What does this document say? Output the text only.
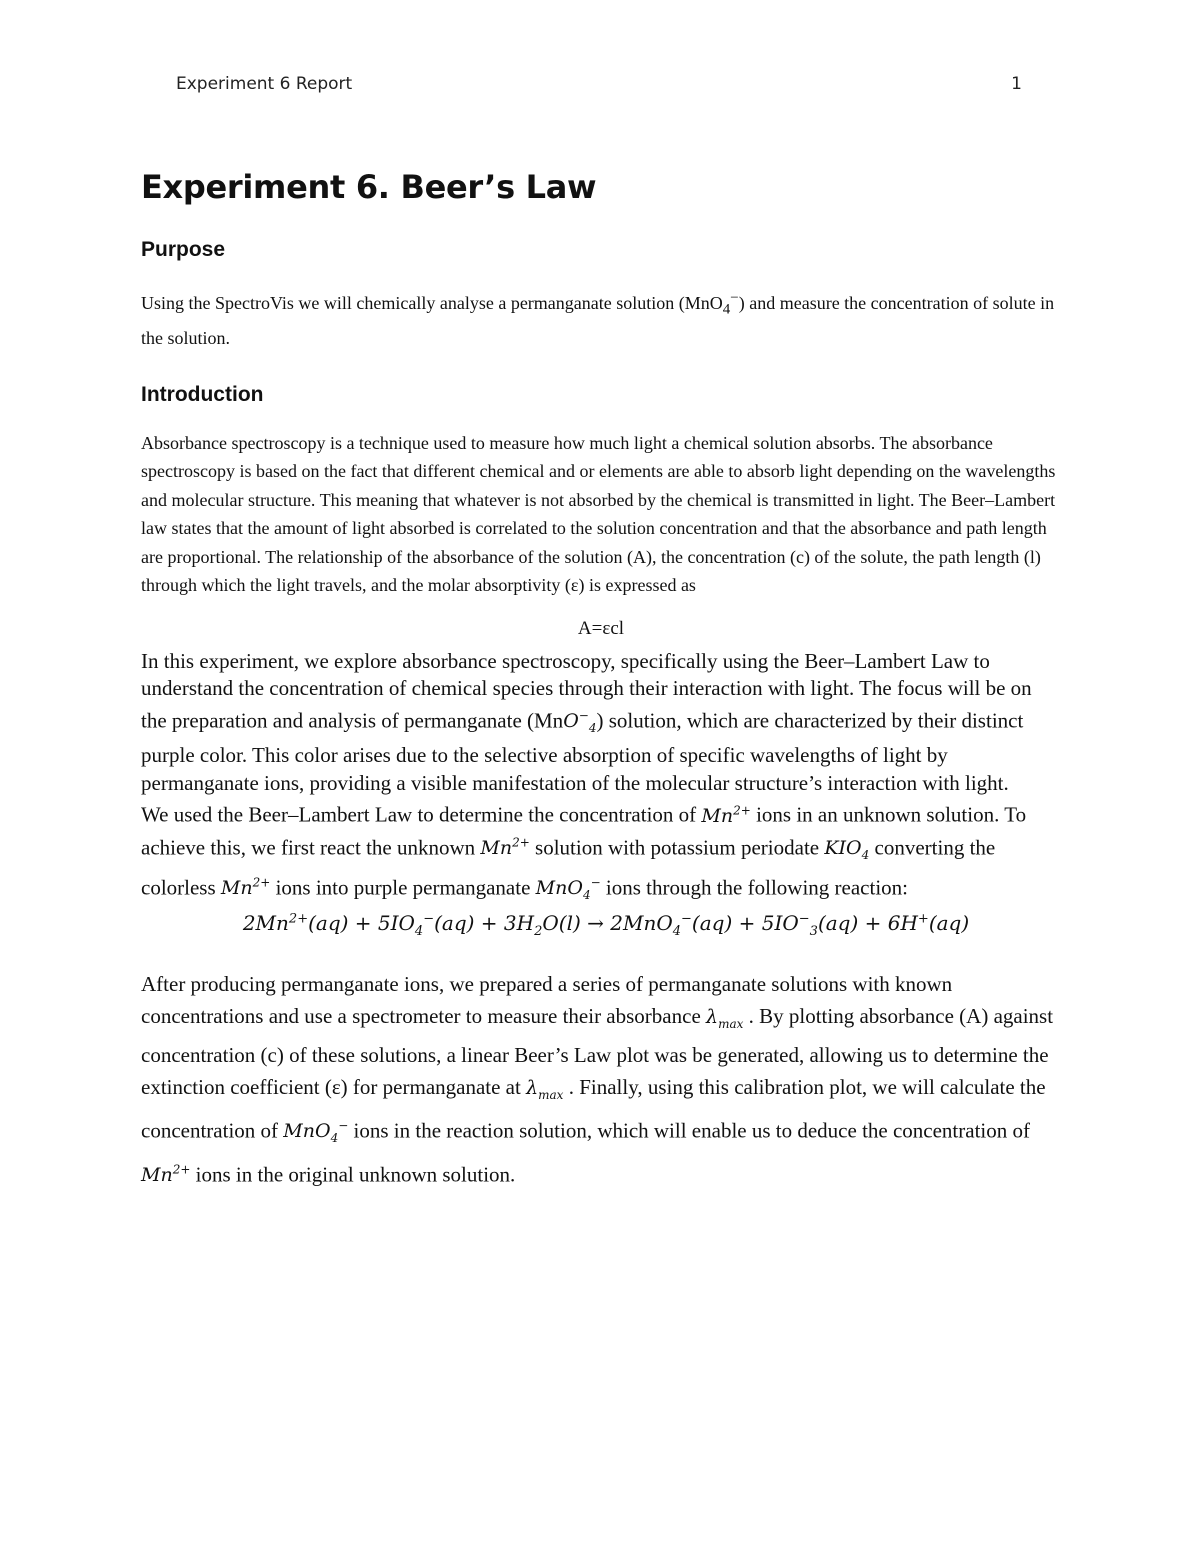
Experiment 6 Report	1
Experiment 6. Beer’s Law
Purpose

Using the SpectroVis we will chemically analyse a permanganate solution (MnO$_4$−) and measure the concentration of solute in the solution.

Introduction

Absorbance spectroscopy is a technique used to measure how much light a chemical solution absorbs. The absorbance spectroscopy is based on the fact that different chemical and or elements are able to absorb light depending on the wavelengths and molecular structure. This meaning that whatever is not absorbed by the chemical is transmitted in light. The Beer–Lambert law states that the amount of light absorbed is correlated to the solution concentration and that the absorbance and path length are proportional. The relationship of the absorbance of the solution (A), the concentration (c) of the solute, the path length (l) through which the light travels, and the molar absorptivity (ε) is expressed as

A=εcl

In this experiment, we explore absorbance spectroscopy, specifically using the Beer–Lambert Law to understand the concentration of chemical species through their interaction with light. The focus will be on the preparation and analysis of permanganate (MnO−$_4$) solution, which are characterized by their distinct purple color. This color arises due to the selective absorption of specific wavelengths of light by permanganate ions, providing a visible manifestation of the molecular structure’s interaction with light.

We used the Beer–Lambert Law to determine the concentration of $Mn^{2+}$ ions in an unknown solution. To achieve this, we first react the unknown $Mn^{2+}$ solution with potassium periodate $KIO_4$ converting the colorless $Mn^{2+}$ ions into purple permanganate MnO$_4$− ions through the following reaction:

$2Mn^{2+}(aq) + 5IO_4^-(aq) + 3H_2O(l) \to 2MnO_4^-(aq) + 5IO^-_3(aq) + 6H^+(aq)$

After producing permanganate ions, we prepared a series of permanganate solutions with known concentrations and use a spectrometer to measure their absorbance $\lambda_{max}$ . By plotting absorbance (A) against concentration (c) of these solutions, a linear Beer’s Law plot was be generated, allowing us to determine the extinction coefficient (ε) for permanganate at $\lambda_{max}$ . Finally, using this calibration plot, we will calculate the concentration of MnO$_4$− ions in the reaction solution, which will enable us to deduce the concentration of $Mn^{2+}$ ions in the original unknown solution.
